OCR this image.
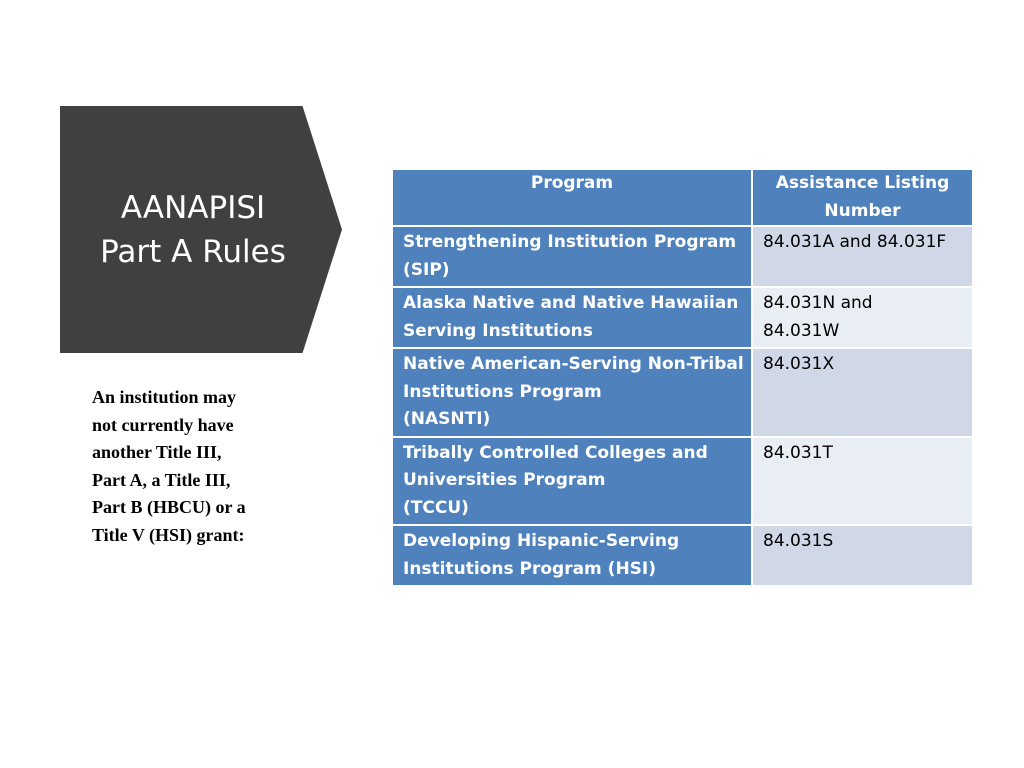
AANAPISI
Part A Rules
An institution may
not currently have
another Title III,
Part A, a Title III,
Part B (HBCU) or a
Title V (HSI) grant:
Program	Assistance Listing
Number

Strengthening Institution Program
(SIP)	84.031A and 84.031F

Alaska Native and Native Hawaiian
Serving Institutions	84.031N and
84.031W

Native American-Serving Non-Tribal
Institutions Program
(NASNTI)	84.031X

Tribally Controlled Colleges and
Universities Program
(TCCU)	84.031T

Developing Hispanic-Serving
Institutions Program (HSI)	84.031S
